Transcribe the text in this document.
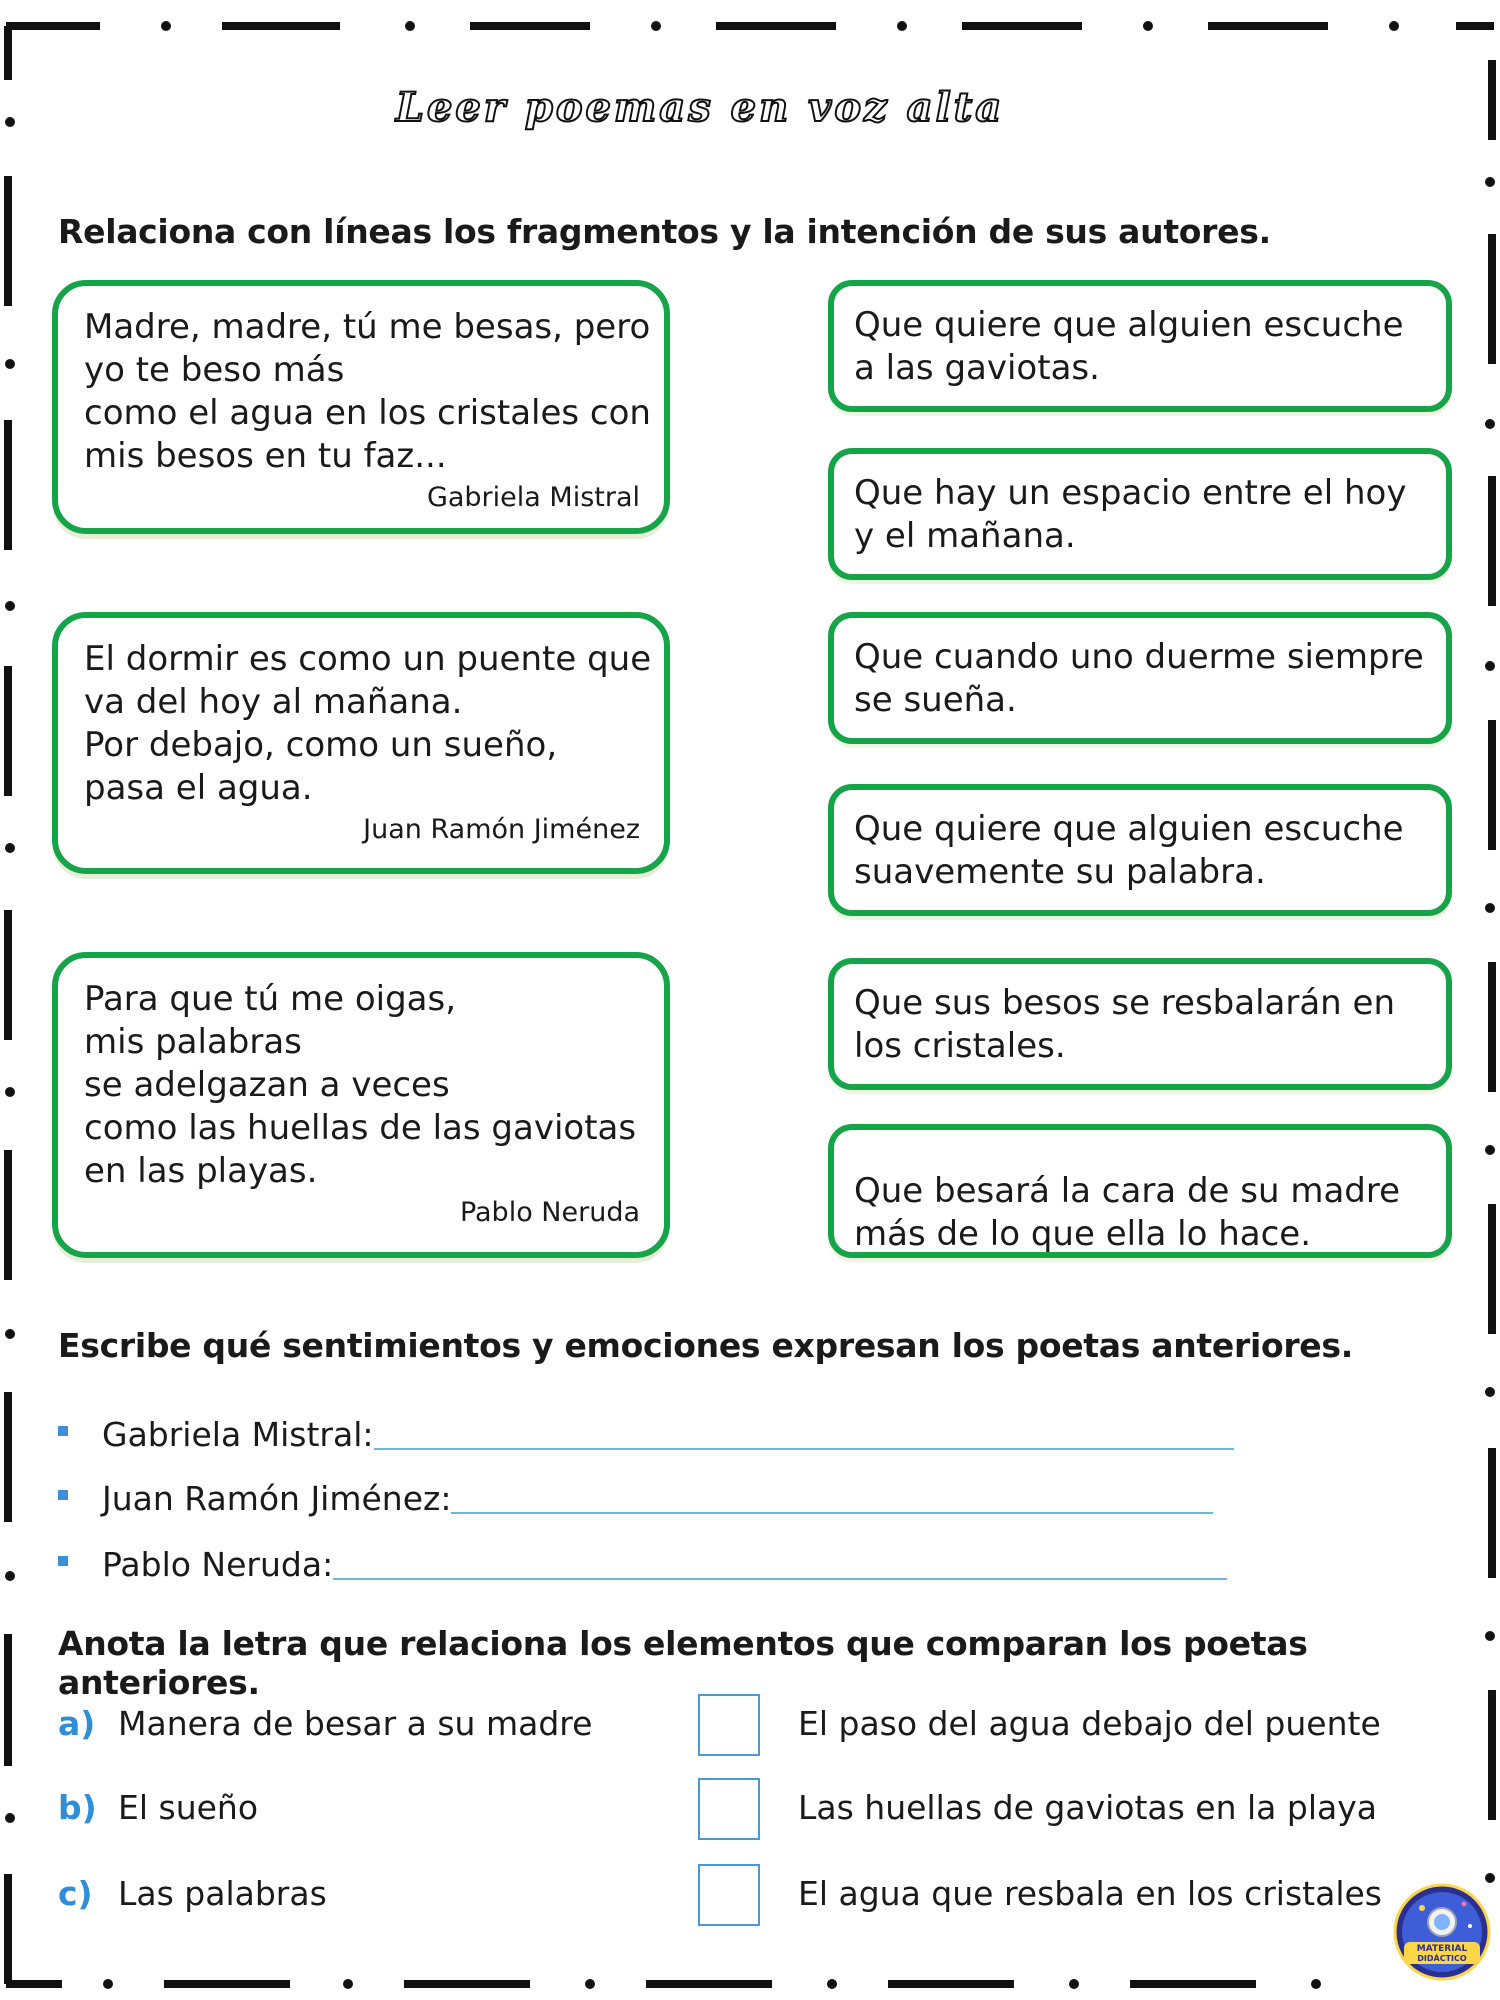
Leer poemas en voz alta
Relaciona con líneas los fragmentos y la intención de sus autores.
Madre, madre, tú me besas, pero
yo te beso más
como el agua en los cristales con
mis besos en tu faz...
Gabriela Mistral
El dormir es como un puente que
va del hoy al mañana.
Por debajo, como un sueño,
pasa el agua.
Juan Ramón Jiménez
Para que tú me oigas,
mis palabras
se adelgazan a veces
como las huellas de las gaviotas
en las playas.
Pablo Neruda
Que quiere que alguien escuche
a las gaviotas.
Que hay un espacio entre el hoy
y el mañana.
Que cuando uno duerme siempre
se sueña.
Que quiere que alguien escuche
suavemente su palabra.
Que sus besos se resbalarán en
los cristales.
Que besará la cara de su madre
más de lo que ella lo hace.
Escribe qué sentimientos y emociones expresan los poetas anteriores.
Gabriela Mistral:
Juan Ramón Jiménez:
Pablo Neruda:
Anota la letra que relaciona los elementos que comparan los poetas anteriores.
a) Manera de besar a su madre	El paso del agua debajo del puente
b) El sueño	Las huellas de gaviotas en la playa
c) Las palabras	El agua que resbala en los cristales
MATERIAL
DIDÁCTICO
